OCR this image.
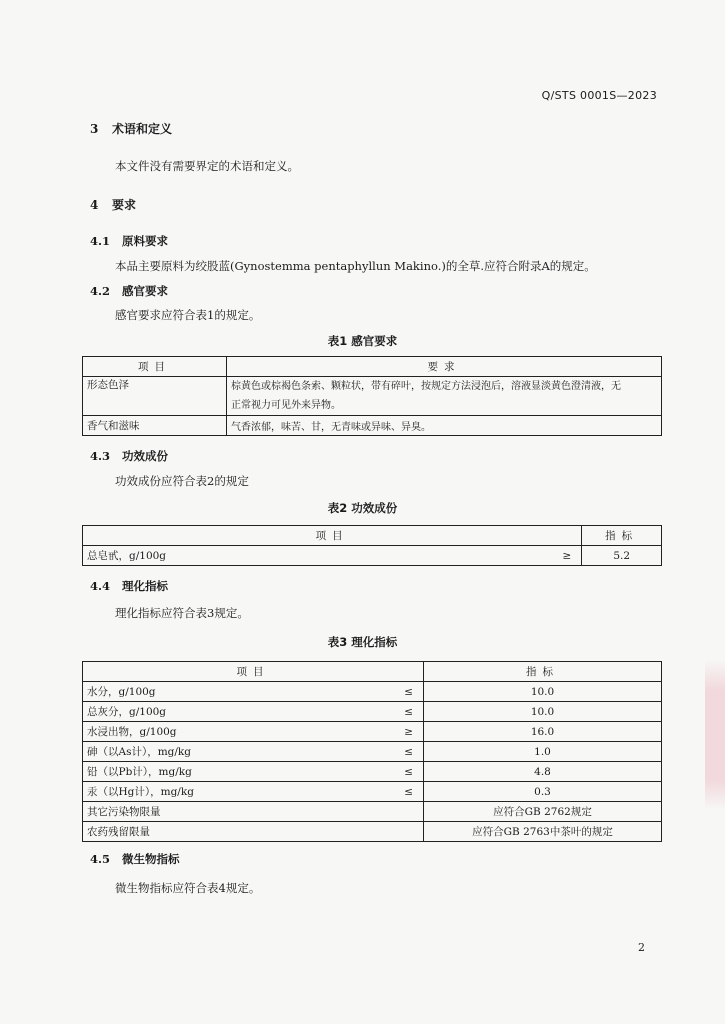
Q/STS 0001S—2023
3 术语和定义
本文件没有需要界定的术语和定义。
4 要求
4.1 原料要求
本品主要原料为绞股蓝(Gynostemma pentaphyllun Makino.)的全草.应符合附录A的规定。
4.2 感官要求
感官要求应符合表1的规定。
表1 感官要求
项目	要求
形态色泽	棕黄色或棕褐色条索、颗粒状，带有碎叶，按规定方法浸泡后，溶液显淡黄色澄清液，无
正常视力可见外来异物。

香气和滋味	气香浓郁，味苦、甘，无青味或异味、异臭。
4.3 功效成份
功效成份应符合表2的规定
表2 功效成份
项目		指标
总皂甙，g/100g	≥	5.2
4.4 理化指标
理化指标应符合表3规定。
表3 理化指标
项目		指标
水分，g/100g	≤	10.0
总灰分，g/100g	≤	10.0
水浸出物，g/100g	≥	16.0
砷（以As计），mg/kg	≤	1.0
铅（以Pb计），mg/kg	≤	4.8
汞（以Hg计），mg/kg	≤	0.3
其它污染物限量		应符合GB 2762规定
农药残留限量		应符合GB 2763中茶叶的规定
4.5 微生物指标
微生物指标应符合表4规定。
2
